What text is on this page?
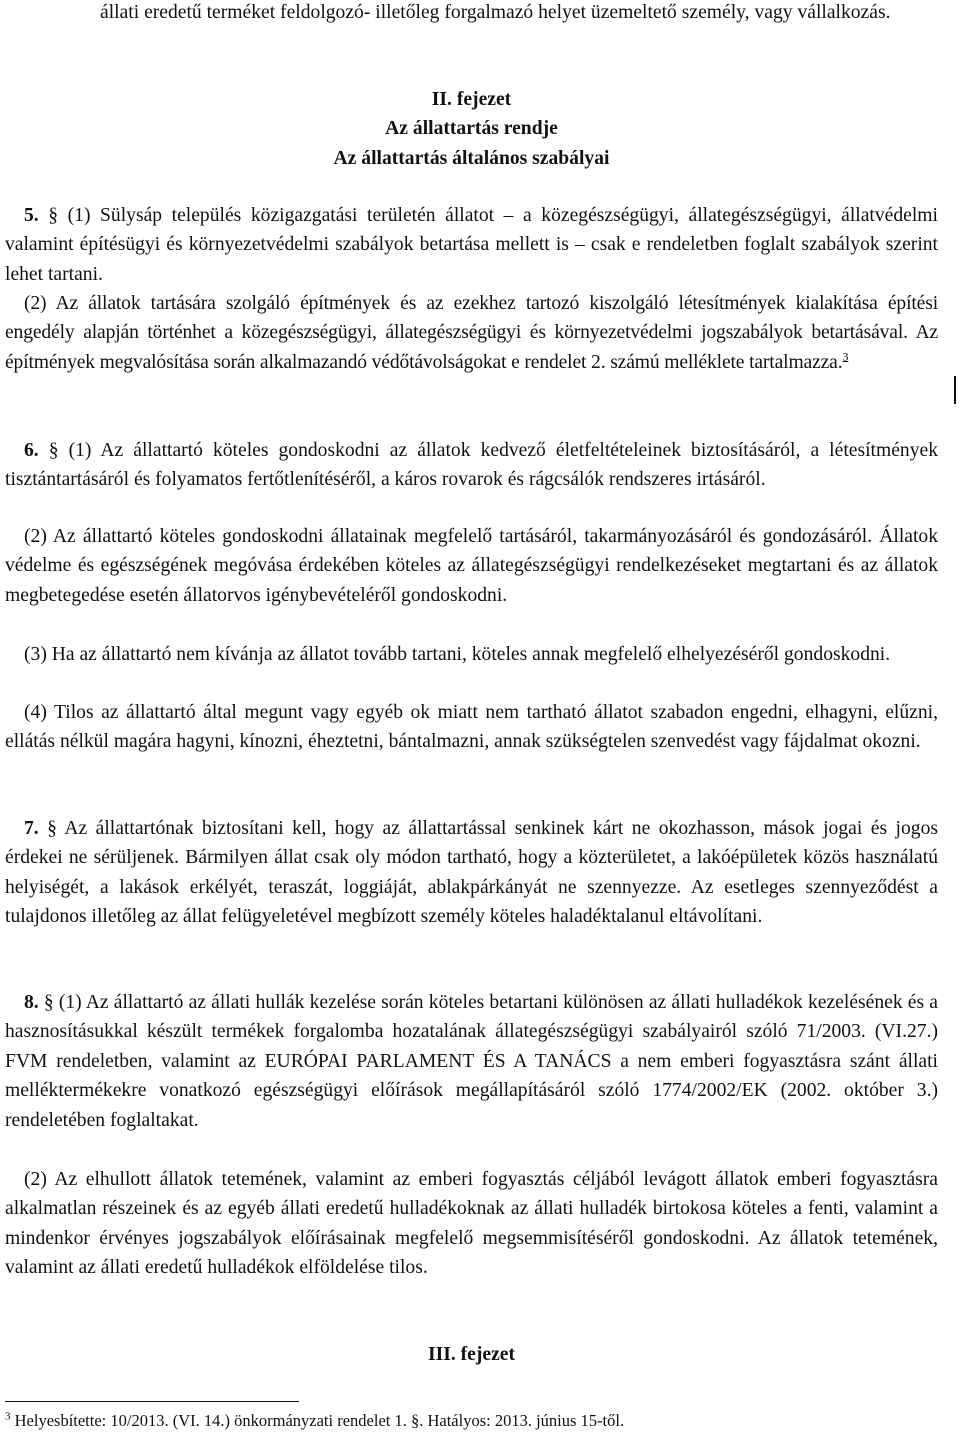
állati eredetű terméket feldolgozó- illetőleg forgalmazó helyet üzemeltető személy, vagy vállalkozás.
II. fejezet
Az állattartás rendje
Az állattartás általános szabályai
5. § (1) Sülysáp település közigazgatási területén állatot – a közegészségügyi, állategészségügyi, állatvédelmi valamint építésügyi és környezetvédelmi szabályok betartása mellett is – csak e rendeletben foglalt szabályok szerint lehet tartani.
(2) Az állatok tartására szolgáló építmények és az ezekhez tartozó kiszolgáló létesítmények kialakítása építési engedély alapján történhet a közegészségügyi, állategészségügyi és környezetvédelmi jogszabályok betartásával. Az építmények megvalósítása során alkalmazandó védőtávolságokat e rendelet 2. számú melléklete tartalmazza.$^3$
6. § (1) Az állattartó köteles gondoskodni az állatok kedvező életfeltételeinek biztosításáról, a létesítmények tisztántartásáról és folyamatos fertőtlenítéséről, a káros rovarok és rágcsálók rendszeres irtásáról.
(2) Az állattartó köteles gondoskodni állatainak megfelelő tartásáról, takarmányozásáról és gondozásáról. Állatok védelme és egészségének megóvása érdekében köteles az állategészségügyi rendelkezéseket megtartani és az állatok megbetegedése esetén állatorvos igénybevételéről gondoskodni.
(3) Ha az állattartó nem kívánja az állatot tovább tartani, köteles annak megfelelő elhelyezéséről gondoskodni.
(4) Tilos az állattartó által megunt vagy egyéb ok miatt nem tartható állatot szabadon engedni, elhagyni, elűzni, ellátás nélkül magára hagyni, kínozni, éheztetni, bántalmazni, annak szükségtelen szenvedést vagy fájdalmat okozni.
7. § Az állattartónak biztosítani kell, hogy az állattartással senkinek kárt ne okozhasson, mások jogai és jogos érdekei ne sérüljenek. Bármilyen állat csak oly módon tartható, hogy a közterületet, a lakóépületek közös használatú helyiségét, a lakások erkélyét, teraszát, loggiáját, ablakpárkányát ne szennyezze. Az esetleges szennyeződést a tulajdonos illetőleg az állat felügyeletével megbízott személy köteles haladéktalanul eltávolítani.
8. § (1) Az állattartó az állati hullák kezelése során köteles betartani különösen az állati hulladékok kezelésének és a hasznosításukkal készült termékek forgalomba hozatalának állategészségügyi szabályairól szóló 71/2003. (VI.27.) FVM rendeletben, valamint az EURÓPAI PARLAMENT ÉS A TANÁCS a nem emberi fogyasztásra szánt állati melléktermékekre vonatkozó egészségügyi előírások megállapításáról szóló 1774/2002/EK (2002. október 3.) rendeletében foglaltakat.
(2) Az elhullott állatok tetemének, valamint az emberi fogyasztás céljából levágott állatok emberi fogyasztásra alkalmatlan részeinek és az egyéb állati eredetű hulladékoknak az állati hulladék birtokosa köteles a fenti, valamint a mindenkor érvényes jogszabályok előírásainak megfelelő megsemmisítéséről gondoskodni. Az állatok tetemének, valamint az állati eredetű hulladékok elföldelése tilos.
III. fejezet
$^3$ Helyesbítette: 10/2013. (VI. 14.) önkormányzati rendelet 1. §. Hatályos: 2013. június 15-től.
